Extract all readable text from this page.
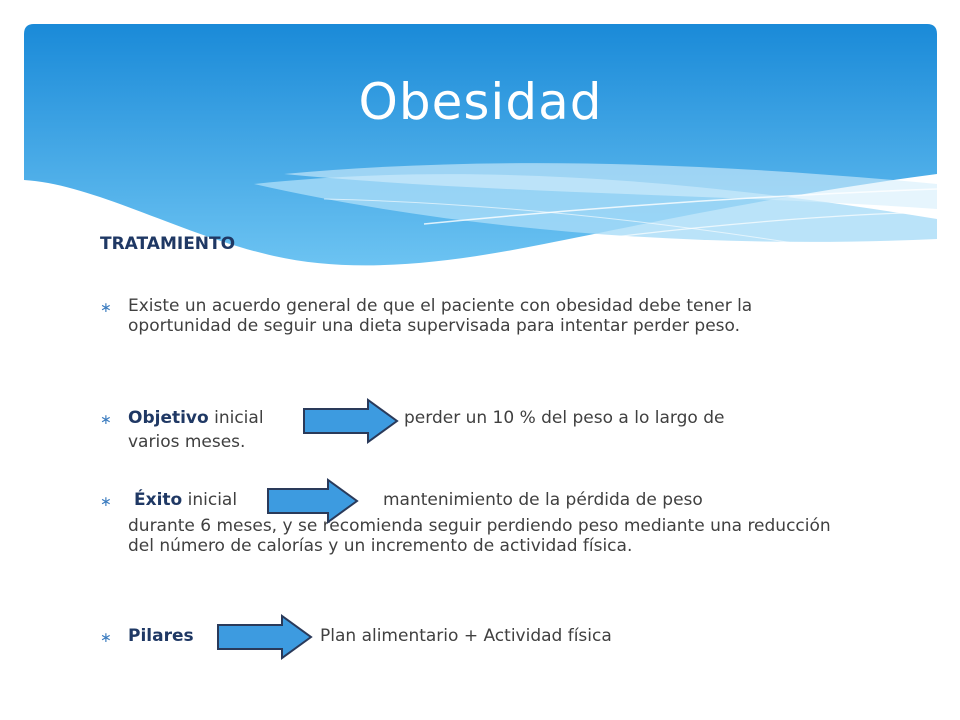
Obesidad
TRATAMIENTO
∗ Existe un acuerdo general de que el paciente con obesidad debe tener la oportunidad de seguir una dieta supervisada para intentar perder peso.
∗ Objetivo inicial	perder un 10 % del peso a lo largo de
varios meses.
∗	Éxito inicial	mantenimiento de la pérdida de peso
durante 6 meses, y se recomienda seguir perdiendo peso mediante una reducción del número de calorías y un incremento de actividad física.
∗ Pilares	Plan alimentario + Actividad física
